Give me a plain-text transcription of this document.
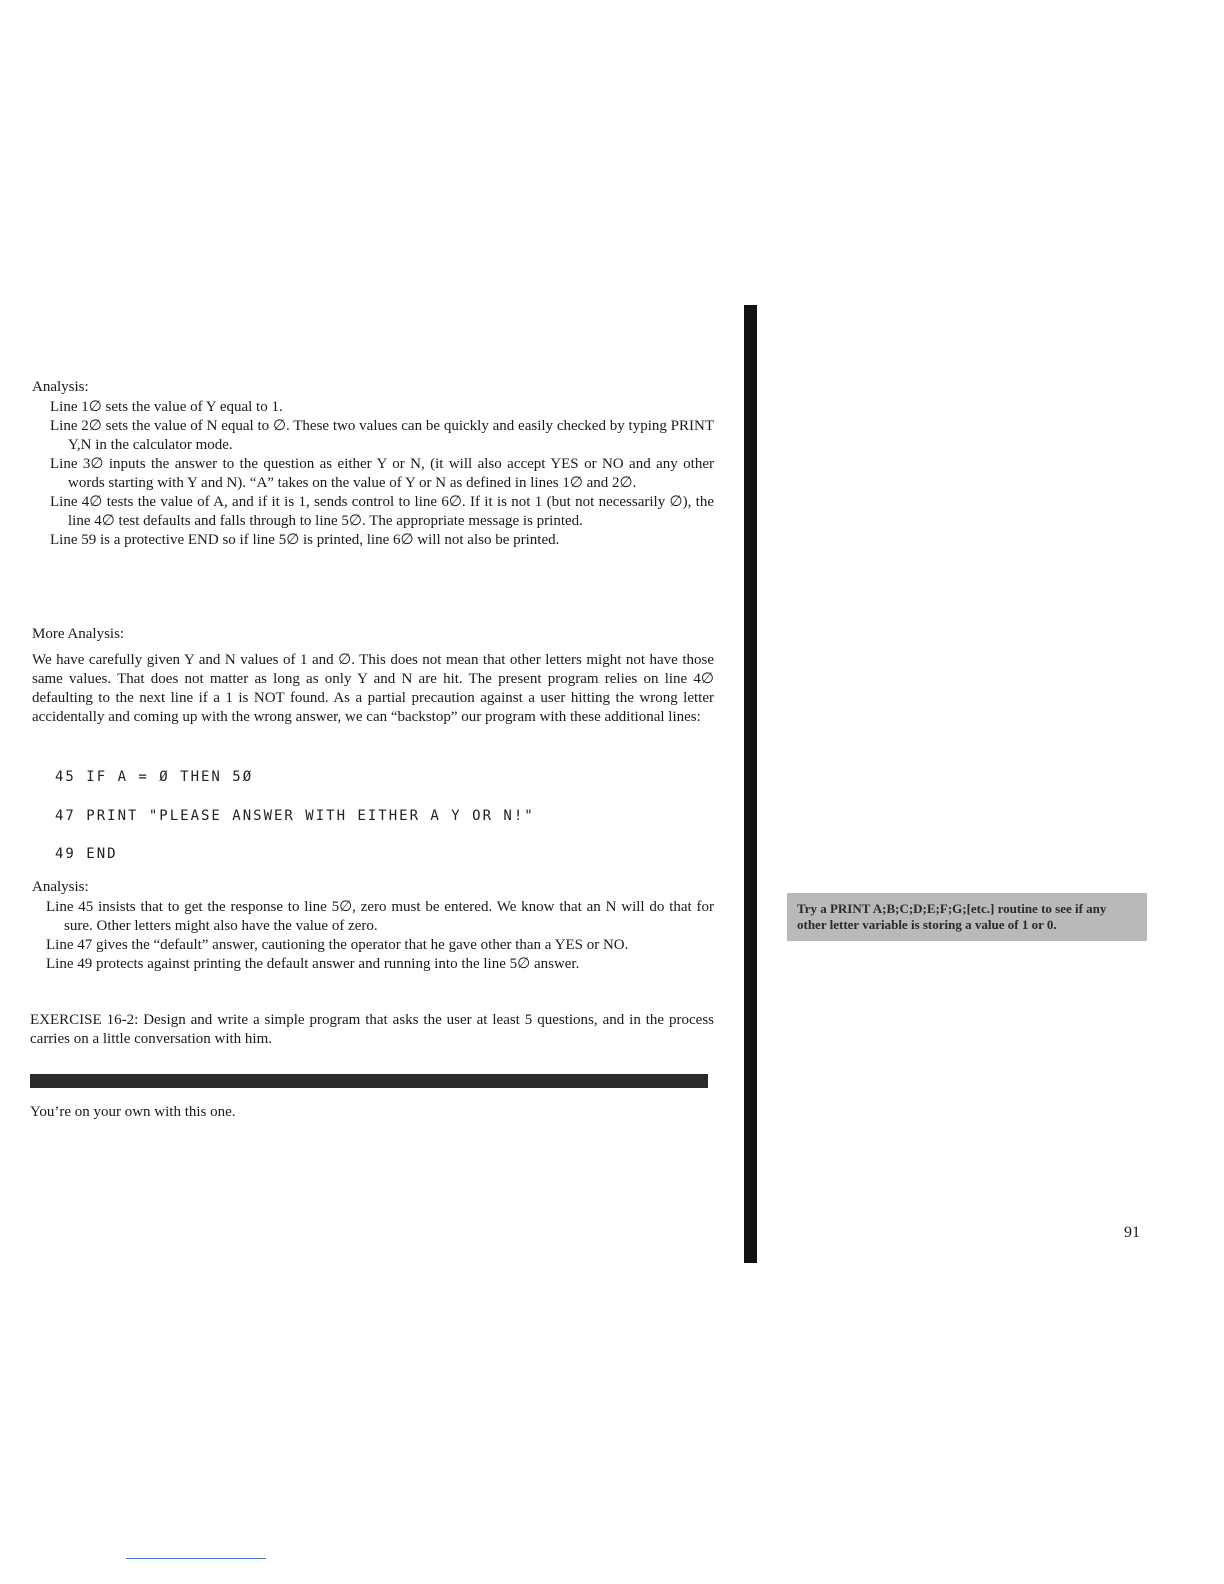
Analysis:

Line 1∅ sets the value of Y equal to 1.

Line 2∅ sets the value of N equal to ∅. These two values can be quickly and easily checked by typing PRINT Y,N in the calculator mode.

Line 3∅ inputs the answer to the question as either Y or N, (it will also accept YES or NO and any other words starting with Y and N). “A” takes on the value of Y or N as defined in lines 1∅ and 2∅.

Line 4∅ tests the value of A, and if it is 1, sends control to line 6∅. If it is not 1 (but not necessarily ∅), the line 4∅ test defaults and falls through to line 5∅. The appropriate message is printed.

Line 59 is a protective END so if line 5∅ is printed, line 6∅ will not also be printed.

More Analysis:

We have carefully given Y and N values of 1 and ∅. This does not mean that other letters might not have those same values. That does not matter as long as only Y and N are hit. The present program relies on line 4∅ defaulting to the next line if a 1 is NOT found. As a partial precaution against a user hitting the wrong letter accidentally and coming up with the wrong answer, we can “backstop” our program with these additional lines:

45 IF A = Ø THEN 5Ø
47 PRINT "PLEASE ANSWER WITH EITHER A Y OR N!"
49 END
Analysis:

Line 45 insists that to get the response to line 5∅, zero must be entered. We know that an N will do that for sure. Other letters might also have the value of zero.

Line 47 gives the “default” answer, cautioning the operator that he gave other than a YES or NO.

Line 49 protects against printing the default answer and running into the line 5∅ answer.

EXERCISE 16-2: Design and write a simple program that asks the user at least 5 questions, and in the process carries on a little conversation with him.

You’re on your own with this one.
Try a PRINT A;B;C;D;E;F;G;[etc.] routine to see if any other letter variable is storing a value of 1 or 0.
91
